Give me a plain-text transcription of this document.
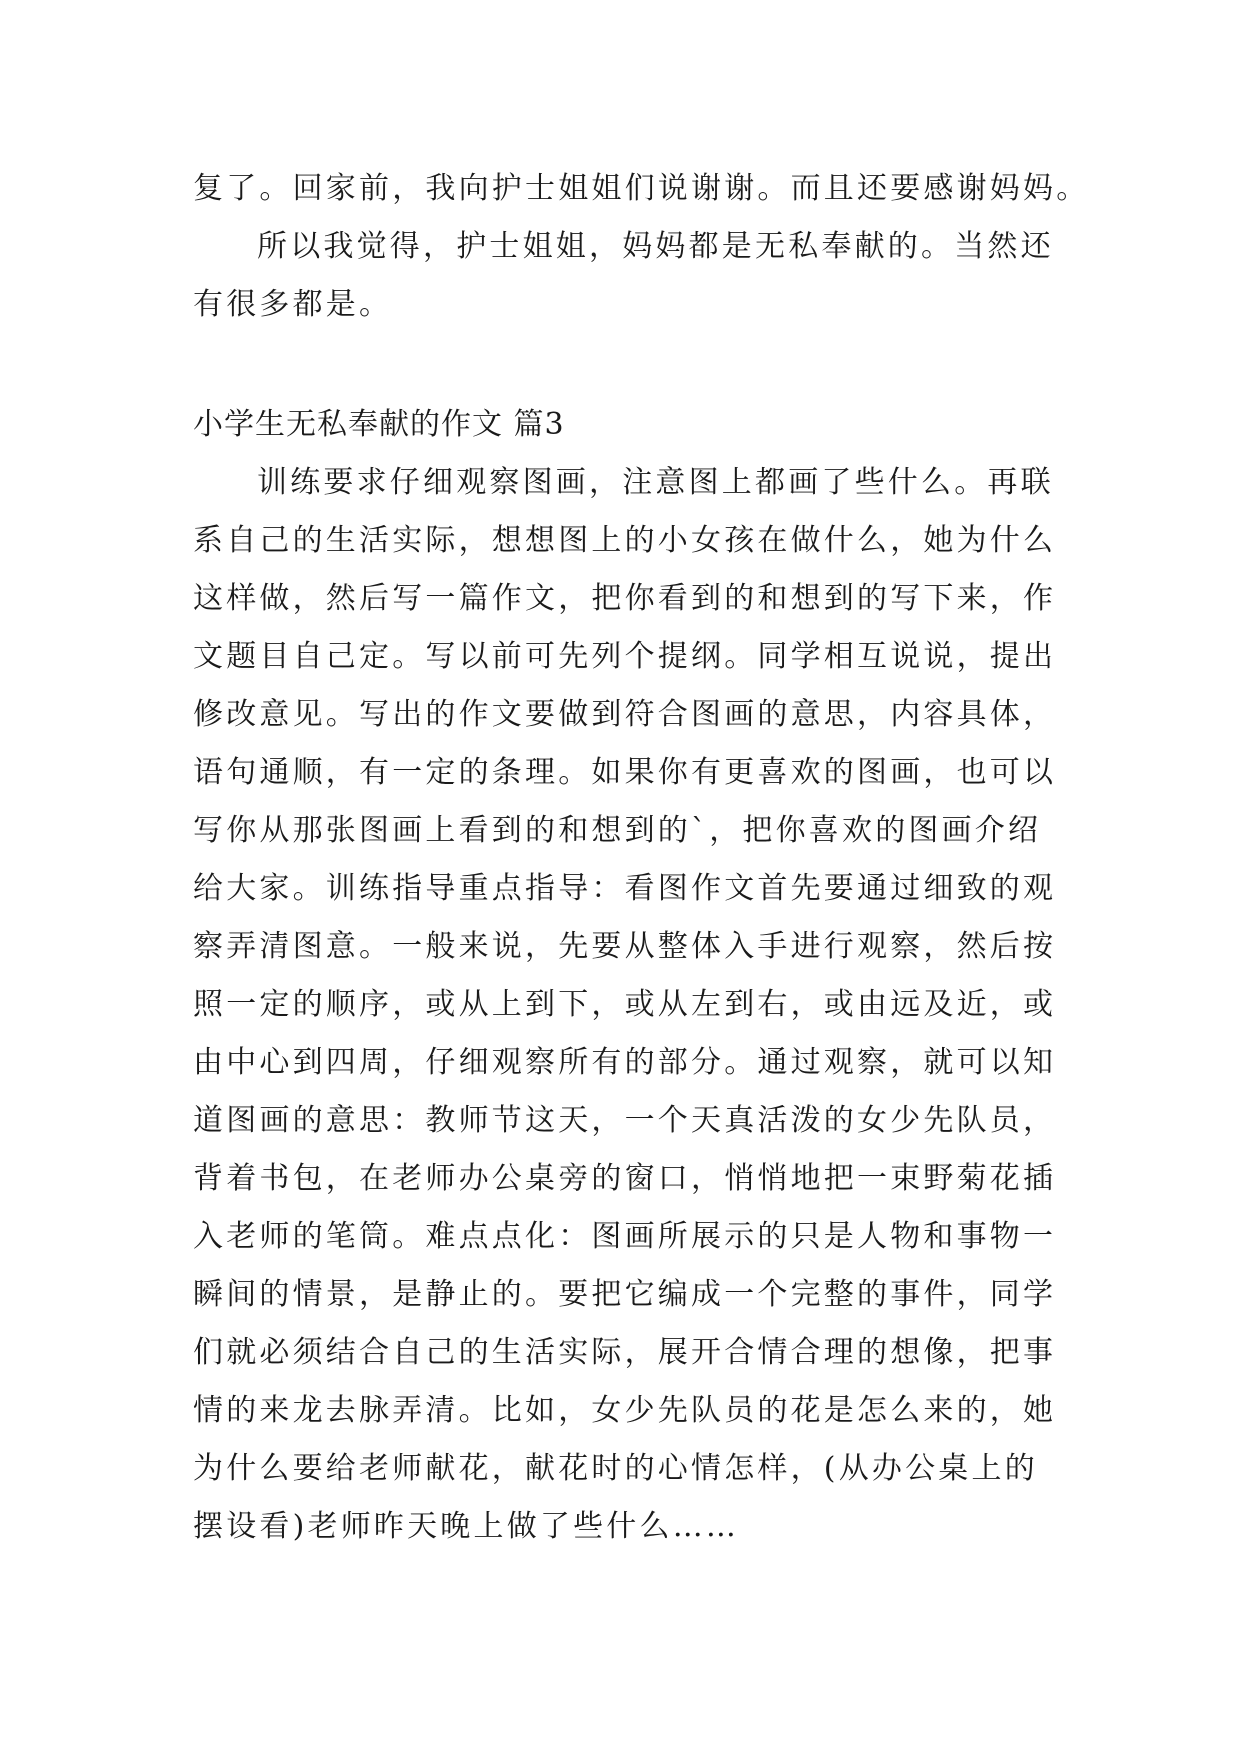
复了。回家前，我向护士姐姐们说谢谢。而且还要感谢妈妈。
所以我觉得，护士姐姐，妈妈都是无私奉献的。当然还
有很多都是。
小学生无私奉献的作文 篇3
训练要求仔细观察图画，注意图上都画了些什么。再联
系自己的生活实际，想想图上的小女孩在做什么，她为什么
这样做，然后写一篇作文，把你看到的和想到的写下来，作
文题目自己定。写以前可先列个提纲。同学相互说说，提出
修改意见。写出的作文要做到符合图画的意思，内容具体，
语句通顺，有一定的条理。如果你有更喜欢的图画，也可以
写你从那张图画上看到的和想到的`，把你喜欢的图画介绍
给大家。训练指导重点指导：看图作文首先要通过细致的观
察弄清图意。一般来说，先要从整体入手进行观察，然后按
照一定的顺序，或从上到下，或从左到右，或由远及近，或
由中心到四周，仔细观察所有的部分。通过观察，就可以知
道图画的意思：教师节这天，一个天真活泼的女少先队员，
背着书包，在老师办公桌旁的窗口，悄悄地把一束野菊花插
入老师的笔筒。难点点化：图画所展示的只是人物和事物一
瞬间的情景，是静止的。要把它编成一个完整的事件，同学
们就必须结合自己的生活实际，展开合情合理的想像，把事
情的来龙去脉弄清。比如，女少先队员的花是怎么来的，她
为什么要给老师献花，献花时的心情怎样，(从办公桌上的
摆设看)老师昨天晚上做了些什么……
